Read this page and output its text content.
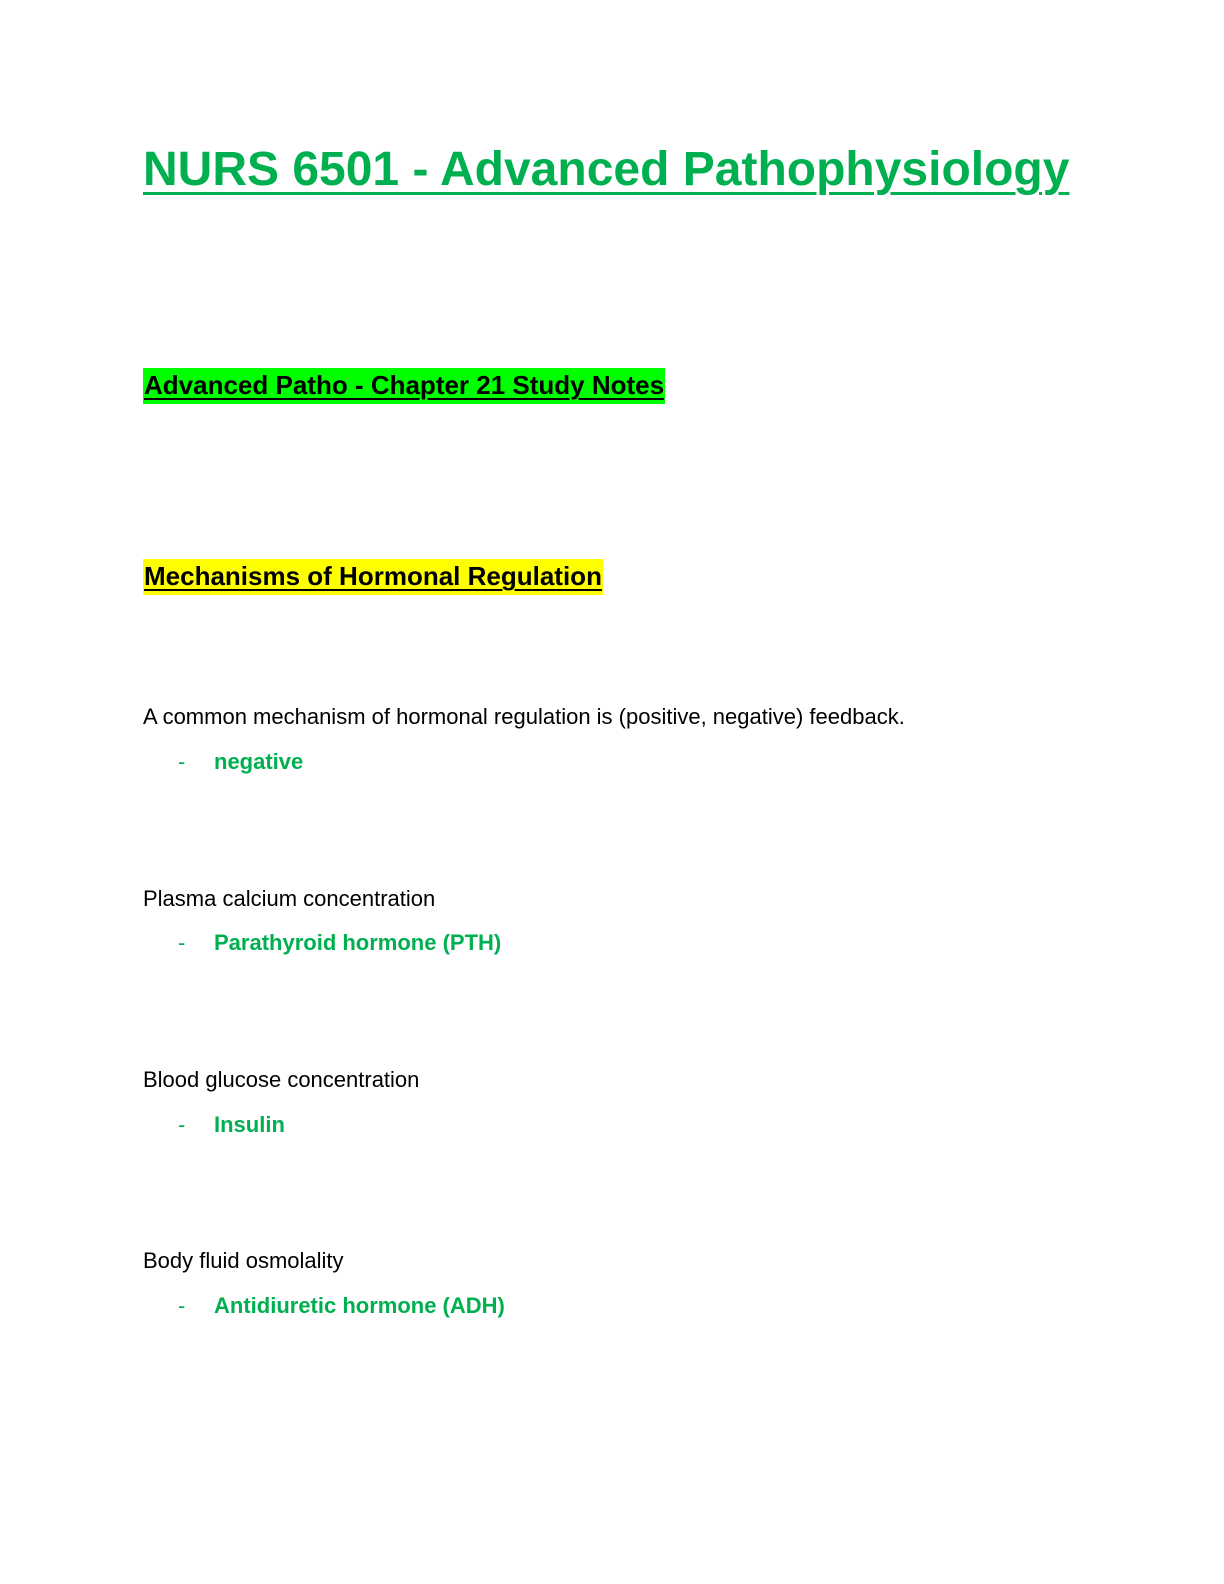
NURS 6501 - Advanced Pathophysiology
Advanced Patho - Chapter 21 Study Notes
Mechanisms of Hormonal Regulation
A common mechanism of hormonal regulation is (positive, negative) feedback.
- negative
Plasma calcium concentration
- Parathyroid hormone (PTH)
Blood glucose concentration
- Insulin
Body fluid osmolality
- Antidiuretic hormone (ADH)
